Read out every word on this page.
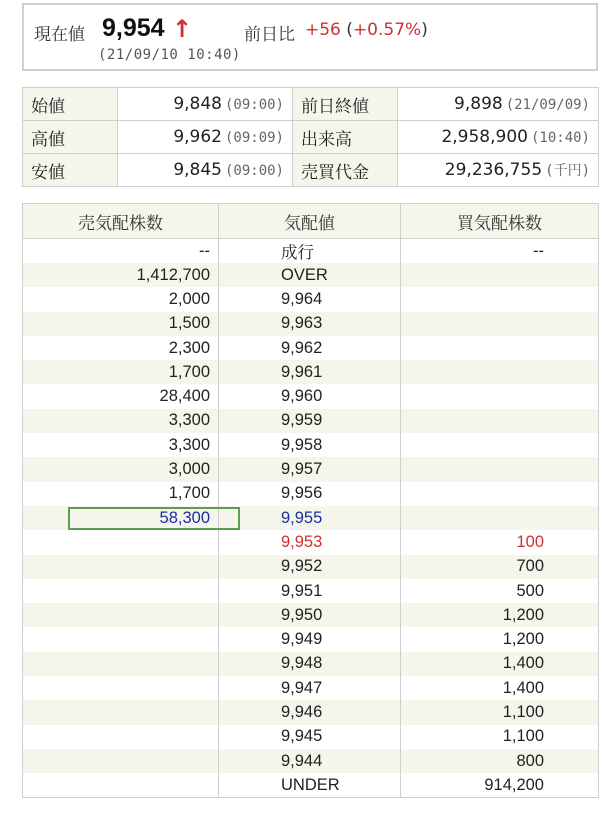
現在値 9,954 ↑
(21/09/10 10:40)
前日比 +56 (+0.57%)
始値	9,848 (09:00)	前日終値	9,898 (21/09/09)
高値	9,962 (09:09)	出来高	2,958,900 (10:40)
安値	9,845 (09:00)	売買代金	29,236,755 (千円)
売気配株数	気配値	買気配株数
--	成行	--
1,412,700	OVER	
2,000	9,964	
1,500	9,963	
2,300	9,962	
1,700	9,961	
28,400	9,960	
3,300	9,959	
3,300	9,958	
3,000	9,957	
1,700	9,956	

58,300	9,955	
	9,953	100
	9,952	700
	9,951	500
	9,950	1,200
	9,949	1,200
	9,948	1,400
	9,947	1,400
	9,946	1,100
	9,945	1,100
	9,944	800
	UNDER	914,200
